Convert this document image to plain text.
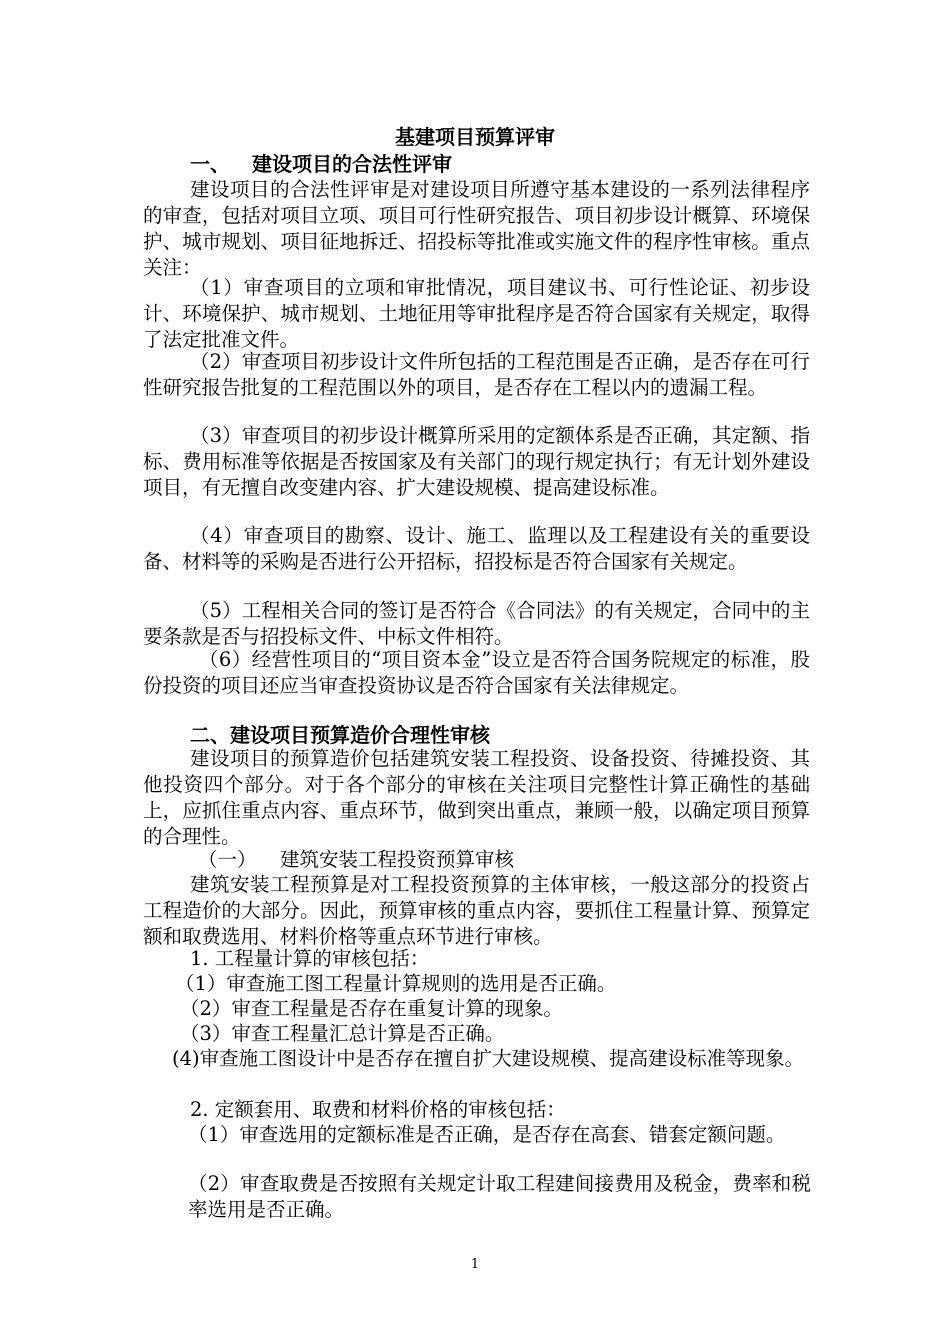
基建项目预算评审
一、 建设项目的合法性评审
建设项目的合法性评审是对建设项目所遵守基本建设的一系列法律程序的审查，包括对项目立项、项目可行性研究报告、项目初步设计概算、环境保护、城市规划、项目征地拆迁、招投标等批准或实施文件的程序性审核。重点关注：
（1）审查项目的立项和审批情况，项目建议书、可行性论证、初步设计、环境保护、城市规划、土地征用等审批程序是否符合国家有关规定，取得了法定批准文件。
（2）审查项目初步设计文件所包括的工程范围是否正确，是否存在可行性研究报告批复的工程范围以外的项目，是否存在工程以内的遗漏工程。
（3）审查项目的初步设计概算所采用的定额体系是否正确，其定额、指标、费用标准等依据是否按国家及有关部门的现行规定执行；有无计划外建设项目，有无擅自改变建内容、扩大建设规模、提高建设标准。
（4）审查项目的勘察、设计、施工、监理以及工程建设有关的重要设备、材料等的采购是否进行公开招标，招投标是否符合国家有关规定。
（5）工程相关合同的签订是否符合《合同法》的有关规定，合同中的主要条款是否与招投标文件、中标文件相符。
（6）经营性项目的“项目资本金”设立是否符合国务院规定的标准，股份投资的项目还应当审查投资协议是否符合国家有关法律规定。
二、建设项目预算造价合理性审核
建设项目的预算造价包括建筑安装工程投资、设备投资、待摊投资、其他投资四个部分。对于各个部分的审核在关注项目完整性计算正确性的基础上，应抓住重点内容、重点环节，做到突出重点，兼顾一般，以确定项目预算的合理性。
（一） 建筑安装工程投资预算审核
建筑安装工程预算是对工程投资预算的主体审核，一般这部分的投资占工程造价的大部分。因此，预算审核的重点内容，要抓住工程量计算、预算定额和取费选用、材料价格等重点环节进行审核。
1. 工程量计算的审核包括：
（1）审查施工图工程量计算规则的选用是否正确。
（2）审查工程量是否存在重复计算的现象。
（3）审查工程量汇总计算是否正确。
(4)审查施工图设计中是否存在擅自扩大建设规模、提高建设标准等现象。
2. 定额套用、取费和材料价格的审核包括：
（1）审查选用的定额标准是否正确，是否存在高套、错套定额问题。
（2）审查取费是否按照有关规定计取工程建间接费用及税金，费率和税率选用是否正确。
1
